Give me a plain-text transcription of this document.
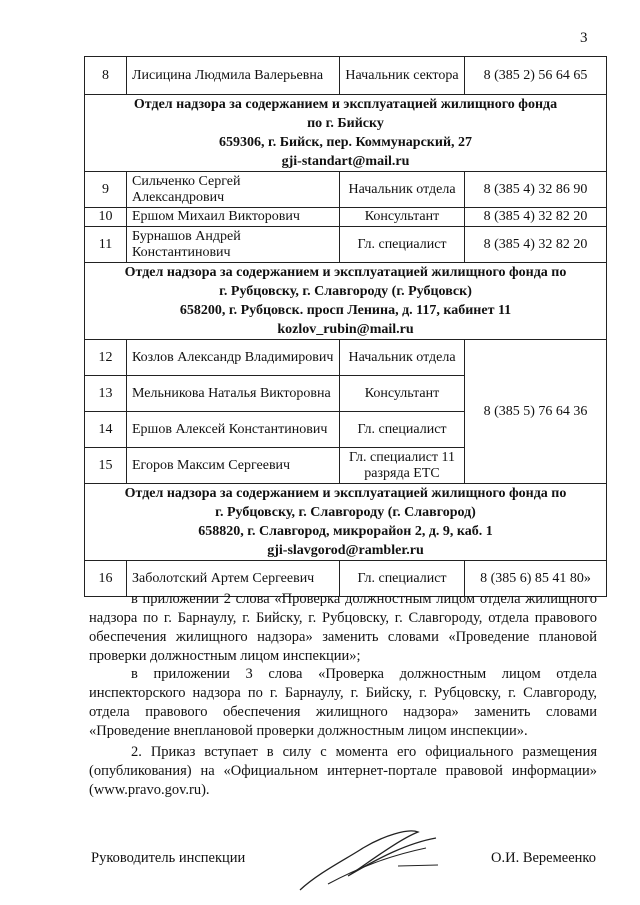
3
8	Лисицина Людмила Валерьевна	Начальник сектора	8 (385 2) 56 64 65

Отдел надзора за содержанием и эксплуатацией жилищного фонда
по г. Бийску
659306, г. Бийск, пер. Коммунарский, 27
gji-standart@mail.ru			

9	Сильченко Сергей Александрович	Начальник отдела	8 (385 4) 32 86 90
10	Ершом Михаил Викторович	Консультант	8 (385 4) 32 82 20
11	Бурнашов Андрей Константинович	Гл. специалист	8 (385 4) 32 82 20

Отдел надзора за содержанием и эксплуатацией жилищного фонда по
г. Рубцовску, г. Славгороду (г. Рубцовск)
658200, г. Рубцовск. просп Ленина, д. 117, кабинет 11
kozlov_rubin@mail.ru			

12	Козлов Александр Владимирович	Начальник отдела	8 (385 5) 76 64 36
13	Мельникова Наталья Викторовна	Консультант	
14	Ершов Алексей Константинович	Гл. специалист	
15	Егоров Максим Сергеевич	Гл. специалист 11 разряда ЕТС	

Отдел надзора за содержанием и эксплуатацией жилищного фонда по
г. Рубцовску, г. Славгороду (г. Славгород)
658820, г. Славгород, микрорайон 2, д. 9, каб. 1
gji-slavgorod@rambler.ru			

16	Заболотский Артем Сергеевич	Гл. специалист	8 (385 6) 85 41 80»

в приложении 2 слова «Проверка должностным лицом отдела жилищного надзора по г. Барнаулу, г. Бийску, г. Рубцовску, г. Славгороду, отдела правового обеспечения жилищного надзора» заменить словами «Проведение плановой проверки должностным лицом инспекции»;

в приложении 3 слова «Проверка должностным лицом отдела инспекторского надзора по г. Барнаулу, г. Бийску, г. Рубцовску, г. Славгороду, отдела правового обеспечения жилищного надзора» заменить словами «Проведение внеплановой проверки должностным лицом инспекции».

2. Приказ вступает в силу с момента его официального размещения (опубликования) на «Официальном интернет-портале правовой информации» (www.pravo.gov.ru).

Руководитель инспекции	О.И. Веремеенко
